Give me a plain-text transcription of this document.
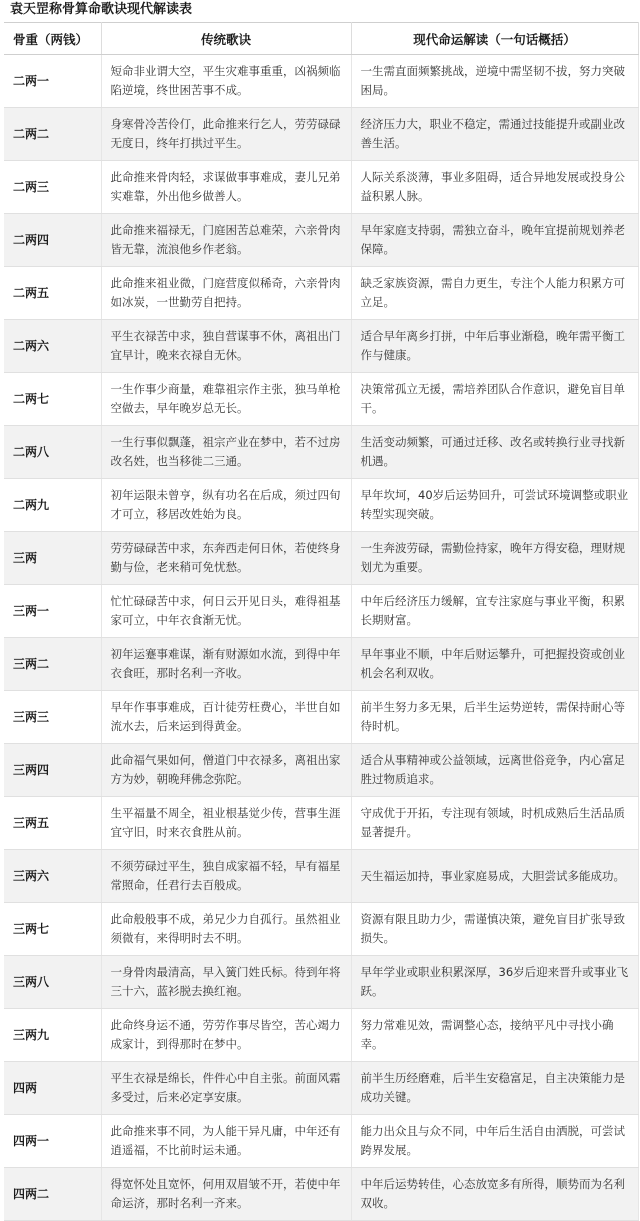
袁天罡称骨算命歌诀现代解读表
骨重（两钱）	传统歌诀	现代命运解读（一句话概括）

二两一	短命非业谓大空，平生灾难事重重，凶祸频临陷逆境，终世困苦事不成。	一生需直面频繁挑战，逆境中需坚韧不拔，努力突破困局。

二两二	身寒骨冷苦伶仃，此命推来行乞人，劳劳碌碌无度日，终年打拱过平生。	经济压力大，职业不稳定，需通过技能提升或副业改善生活。

二两三	此命推来骨肉轻，求谋做事事难成，妻儿兄弟实难靠，外出他乡做善人。	人际关系淡薄，事业多阻碍，适合异地发展或投身公益积累人脉。

二两四	此命推来福禄无，门庭困苦总难荣，六亲骨肉皆无靠，流浪他乡作老翁。	早年家庭支持弱，需独立奋斗，晚年宜提前规划养老保障。

二两五	此命推来祖业微，门庭营度似稀奇，六亲骨肉如冰炭，一世勤劳自把持。	缺乏家族资源，需自力更生，专注个人能力积累方可立足。

二两六	平生衣禄苦中求，独自营谋事不休，离祖出门宜早计，晚来衣禄自无休。	适合早年离乡打拼，中年后事业渐稳，晚年需平衡工作与健康。

二两七	一生作事少商量，难靠祖宗作主张，独马单枪空做去，早年晚岁总无长。	决策常孤立无援，需培养团队合作意识，避免盲目单干。

二两八	一生行事似飘蓬，祖宗产业在梦中，若不过房改名姓，也当移徙二三通。	生活变动频繁，可通过迁移、改名或转换行业寻找新机遇。

二两九	初年运限未曾亨，纵有功名在后成，须过四旬才可立，移居改姓始为良。	早年坎坷，40岁后运势回升，可尝试环境调整或职业转型实现突破。

三两	劳劳碌碌苦中求，东奔西走何日休，若使终身勤与俭，老来稍可免忧愁。	一生奔波劳碌，需勤俭持家，晚年方得安稳，理财规划尤为重要。

三两一	忙忙碌碌苦中求，何日云开见日头，难得祖基家可立，中年衣食渐无忧。	中年后经济压力缓解，宜专注家庭与事业平衡，积累长期财富。

三两二	初年运蹇事难谋，渐有财源如水流，到得中年衣食旺，那时名利一齐收。	早年事业不顺，中年后财运攀升，可把握投资或创业机会名利双收。

三两三	早年作事事难成，百计徒劳枉费心，半世自如流水去，后来运到得黄金。	前半生努力多无果，后半生运势逆转，需保持耐心等待时机。

三两四	此命福气果如何，僧道门中衣禄多，离祖出家方为妙，朝晚拜佛念弥陀。	适合从事精神或公益领域，远离世俗竞争，内心富足胜过物质追求。

三两五	生平福量不周全，祖业根基觉少传，营事生涯宜守旧，时来衣食胜从前。	守成优于开拓，专注现有领域，时机成熟后生活品质显著提升。

三两六	不须劳碌过平生，独自成家福不轻，早有福星常照命，任君行去百般成。	天生福运加持，事业家庭易成，大胆尝试多能成功。

三两七	此命般般事不成，弟兄少力自孤行。虽然祖业须微有，来得明时去不明。	资源有限且助力少，需谨慎决策，避免盲目扩张导致损失。

三两八	一身骨肉最清高，早入簧门姓氏标。待到年将三十六，蓝衫脱去换红袍。	早年学业或职业积累深厚，36岁后迎来晋升或事业飞跃。

三两九	此命终身运不通，劳劳作事尽皆空，苦心竭力成家计，到得那时在梦中。	努力常难见效，需调整心态，接纳平凡中寻找小确幸。

四两	平生衣禄是绵长，件件心中自主张。前面风霜多受过，后来必定享安康。	前半生历经磨难，后半生安稳富足，自主决策能力是成功关键。

四两一	此命推来事不同，为人能干异凡庸，中年还有逍遥福，不比前时运未通。	能力出众且与众不同，中年后生活自由洒脱，可尝试跨界发展。

四两二	得宽怀处且宽怀，何用双眉皱不开，若使中年命运济，那时名利一齐来。	中年后运势转佳，心态放宽多有所得，顺势而为名利双收。
